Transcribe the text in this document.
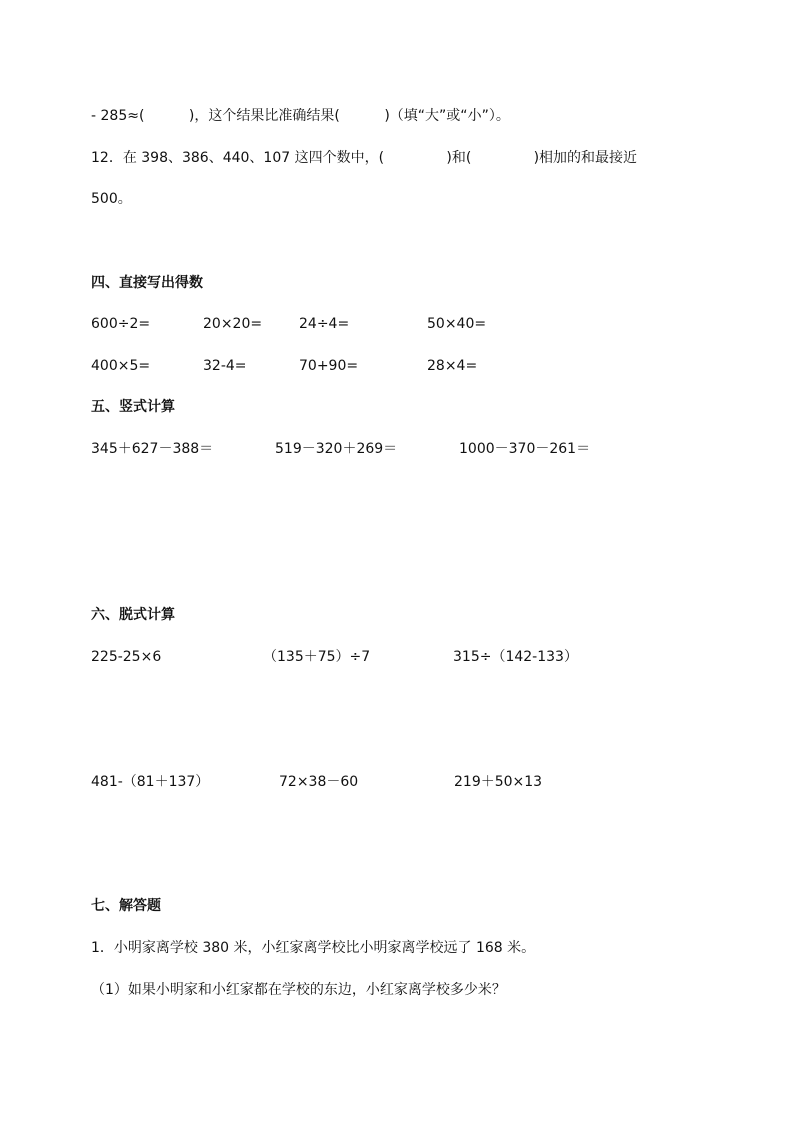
- 285≈(          )，这个结果比准确结果(          )（填“大”或“小”）。
12．在 398、386、440、107 这四个数中，(              )和(              )相加的和最接近
500。
四、直接写出得数
600÷2=	20×20=	24÷4=	50×40=
400×5=	32-4=	70+90=	28×4=
五、竖式计算
345＋627－388＝	519－320＋269＝	1000－370－261＝
六、脱式计算
225-25×6	（135＋75）÷7	315÷（142-133）
481-（81＋137）	72×38－60	219＋50×13
七、解答题
1．小明家离学校 380 米，小红家离学校比小明家离学校远了 168 米。
（1）如果小明家和小红家都在学校的东边，小红家离学校多少米？
